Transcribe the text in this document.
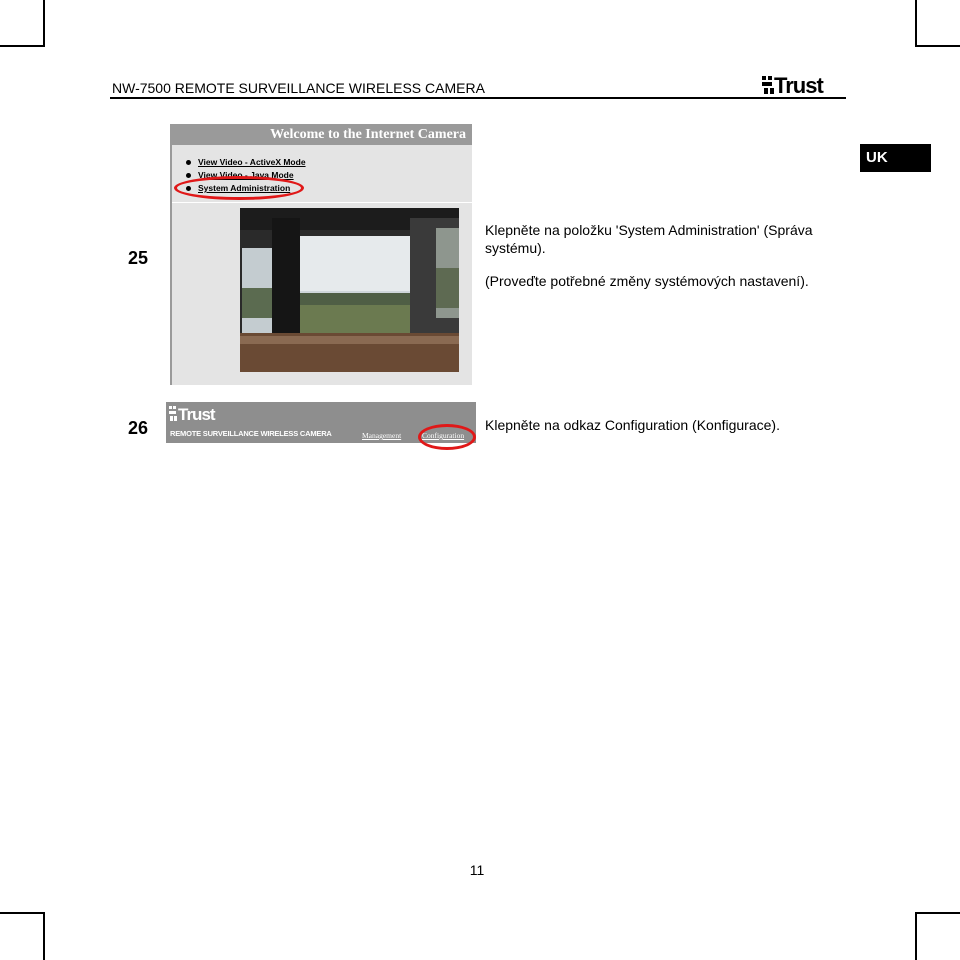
NW-7500 REMOTE SURVEILLANCE WIRELESS CAMERA	Trust
UK
25
Welcome to the Internet Camera
View Video - ActiveX Mode
View Video - Java Mode
System Administration
Klepněte na položku 'System Administration' (Správa systému).
(Proveďte potřebné změny systémových nastavení).
26
Trust
REMOTE SURVEILLANCE WIRELESS CAMERA	Management	Configuration
Klepněte na odkaz Configuration (Konfigurace).
11
